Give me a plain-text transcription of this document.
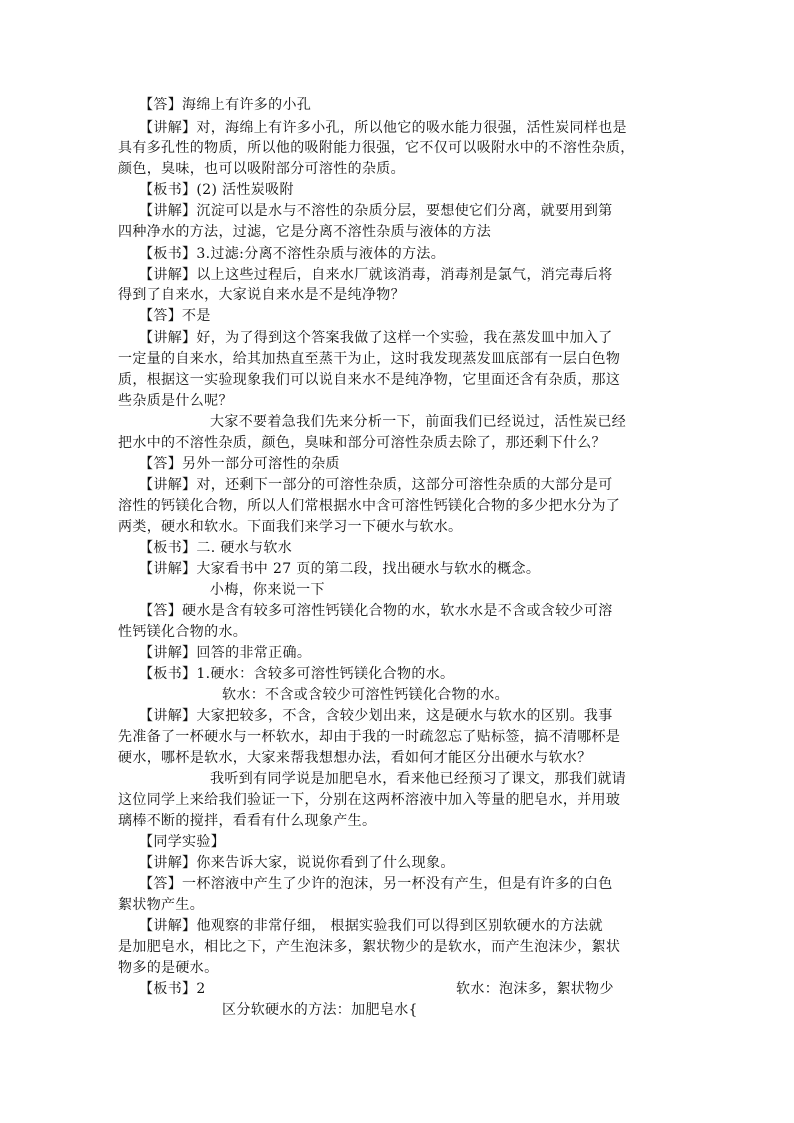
【答】海绵上有许多的小孔
【讲解】对，海绵上有许多小孔，所以他它的吸水能力很强，活性炭同样也是
具有多孔性的物质，所以他的吸附能力很强，它不仅可以吸附水中的不溶性杂质，
颜色，臭味，也可以吸附部分可溶性的杂质。
【板书】(2) 活性炭吸附
【讲解】沉淀可以是水与不溶性的杂质分层，要想使它们分离，就要用到第
四种净水的方法，过滤，它是分离不溶性杂质与液体的方法
【板书】3.过滤:分离不溶性杂质与液体的方法。
【讲解】以上这些过程后，自来水厂就该消毒，消毒剂是氯气，消完毒后将
得到了自来水，大家说自来水是不是纯净物？
【答】不是
【讲解】好，为了得到这个答案我做了这样一个实验，我在蒸发皿中加入了
一定量的自来水，给其加热直至蒸干为止，这时我发现蒸发皿底部有一层白色物
质，根据这一实验现象我们可以说自来水不是纯净物，它里面还含有杂质，那这
些杂质是什么呢？
大家不要着急我们先来分析一下，前面我们已经说过，活性炭已经
把水中的不溶性杂质，颜色，臭味和部分可溶性杂质去除了，那还剩下什么？
【答】另外一部分可溶性的杂质
【讲解】对，还剩下一部分的可溶性杂质，这部分可溶性杂质的大部分是可
溶性的钙镁化合物，所以人们常根据水中含可溶性钙镁化合物的多少把水分为了
两类，硬水和软水。下面我们来学习一下硬水与软水。
【板书】二. 硬水与软水
【讲解】大家看书中 27 页的第二段，找出硬水与软水的概念。
小梅，你来说一下
【答】硬水是含有较多可溶性钙镁化合物的水，软水水是不含或含较少可溶
性钙镁化合物的水。
【讲解】回答的非常正确。
【板书】1.硬水：含较多可溶性钙镁化合物的水。
软水：不含或含较少可溶性钙镁化合物的水。
【讲解】大家把较多，不含，含较少划出来，这是硬水与软水的区别。我事
先准备了一杯硬水与一杯软水，却由于我的一时疏忽忘了贴标签，搞不清哪杯是
硬水，哪杯是软水，大家来帮我想想办法，看如何才能区分出硬水与软水？
我听到有同学说是加肥皂水，看来他已经预习了课文，那我们就请
这位同学上来给我们验证一下，分别在这两杯溶液中加入等量的肥皂水，并用玻
璃棒不断的搅拌，看看有什么现象产生。
【同学实验】
【讲解】你来告诉大家，说说你看到了什么现象。
【答】一杯溶液中产生了少许的泡沫，另一杯没有产生，但是有许多的白色
絮状物产生。
【讲解】他观察的非常仔细， 根据实验我们可以得到区别软硬水的方法就
是加肥皂水，相比之下，产生泡沫多，絮状物少的是软水，而产生泡沫少，絮状
物多的是硬水。
【板书】2	软水：泡沫多，絮状物少
区分软硬水的方法：加肥皂水{
